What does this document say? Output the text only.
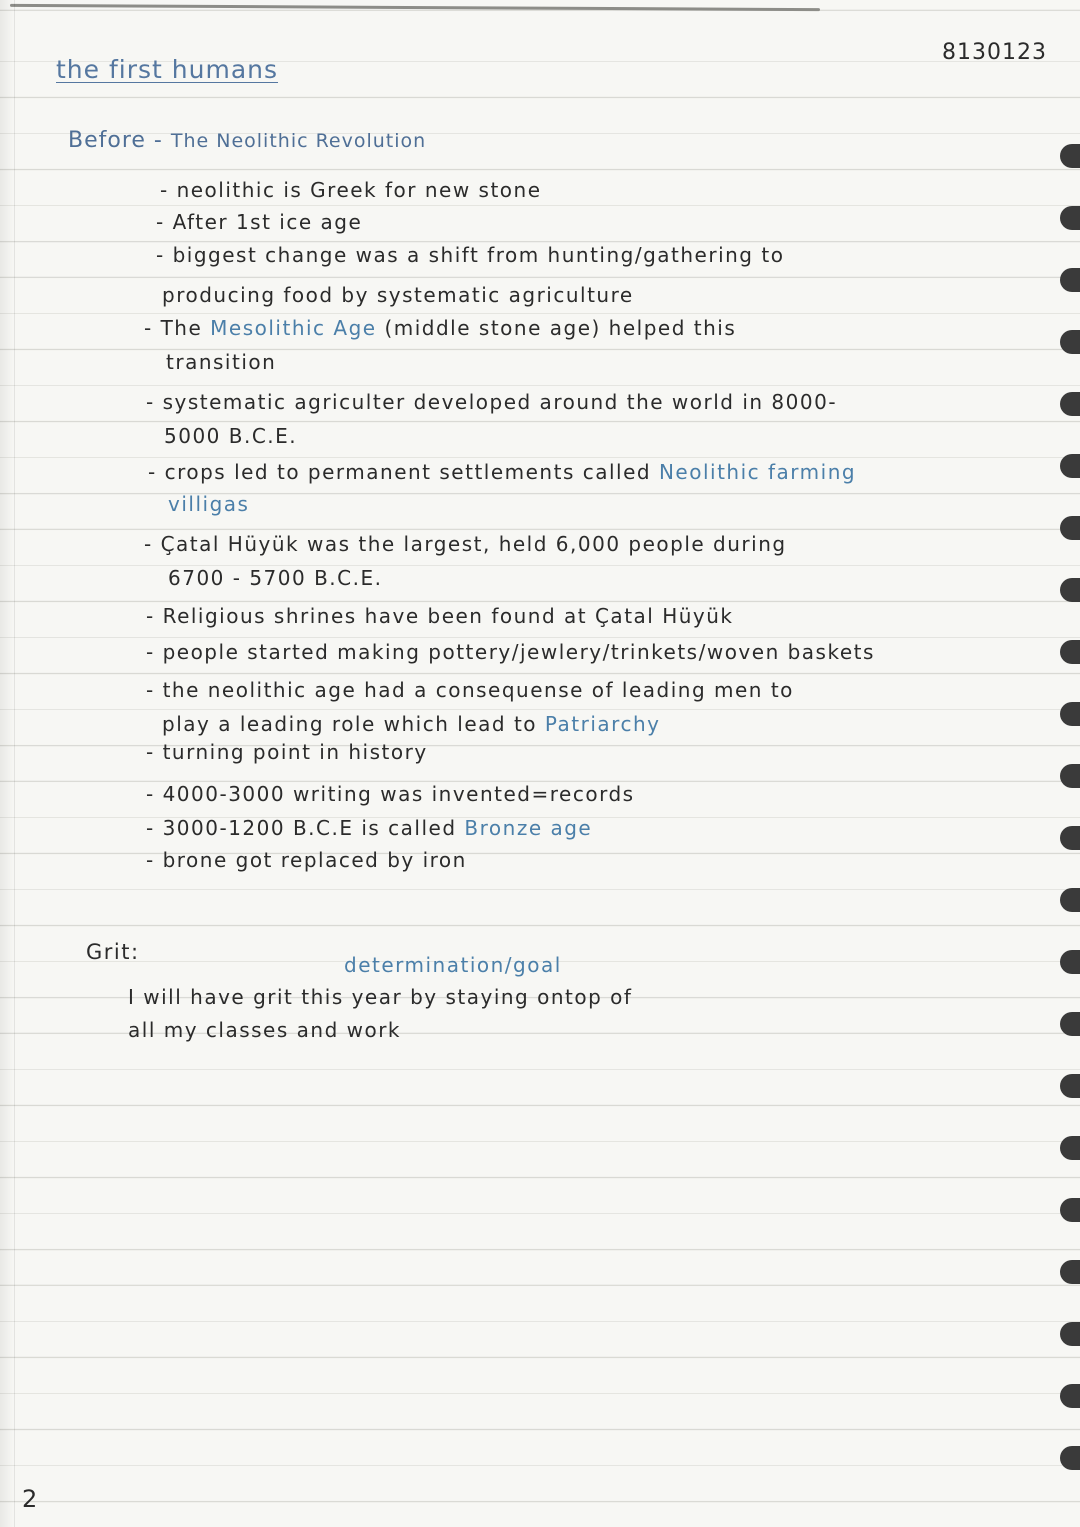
the first humans

8130123

Before - The Neolithic Revolution

- neolithic is Greek for new stone

- After 1st ice age

- biggest change was a shift from hunting/gathering to

producing food by systematic agriculture

- The Mesolithic Age (middle stone age) helped this

transition

- systematic agriculter developed around the world in 8000-

5000 B.C.E.

- crops led to permanent settlements called Neolithic farming

villigas

- Çatal Hüyük was the largest, held 6,000 people during

6700 - 5700 B.C.E.

- Religious shrines have been found at Çatal Hüyük

- people started making pottery/jewlery/trinkets/woven baskets

- the neolithic age had a consequense of leading men to

play a leading role which lead to Patriarchy

- turning point in history

- 4000-3000 writing was invented=records

- 3000-1200 B.C.E is called Bronze age

- brone got replaced by iron

Grit:

determination/goal

I will have grit this year by staying ontop of

all my classes and work

2
